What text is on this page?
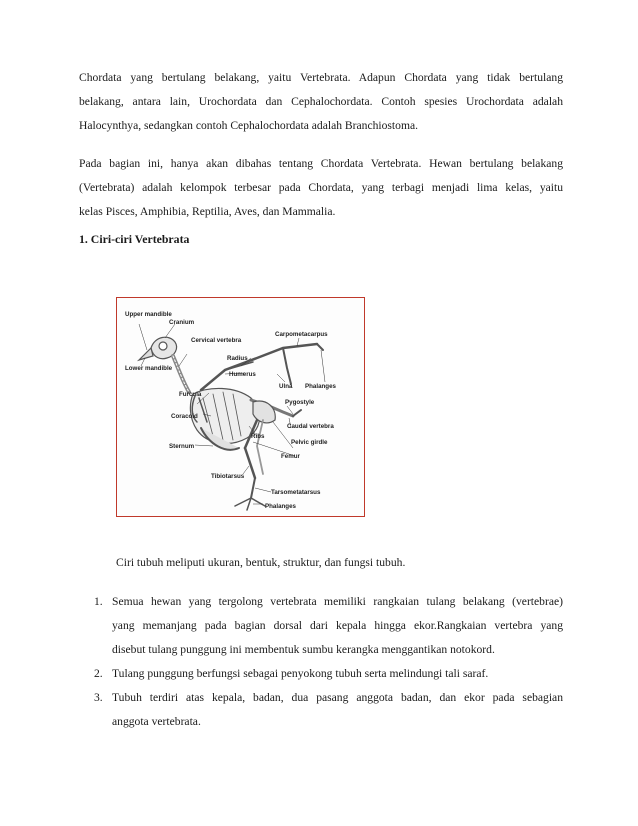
Chordata yang bertulang belakang, yaitu Vertebrata. Adapun Chordata yang tidak bertulang
belakang, antara lain, Urochordata dan Cephalochordata. Contoh spesies Urochordata adalah
Halocynthya, sedangkan contoh Cephalochordata adalah Branchiostoma.

Pada bagian ini, hanya akan dibahas tentang Chordata Vertebrata. Hewan bertulang belakang
(Vertebrata) adalah kelompok terbesar pada Chordata, yang terbagi menjadi lima kelas, yaitu
kelas Pisces, Amphibia, Reptilia, Aves, dan Mammalia.

1. Ciri-ciri Vertebrata
Upper mandible
Cranium
Cervical vertebra
Lower mandible
Radius
Humerus
Carpometacarpus
Ulna Phalanges
Furcula
Coracoid
Pygostyle
Caudal vertebra
Ribs
Pelvic girdle
Sternum
Femur
Tibiotarsus
Tarsometatarsus
Phalanges

Ciri tubuh meliputi ukuran, bentuk, struktur, dan fungsi tubuh.

1. Semua hewan yang tergolong vertebrata memiliki rangkaian tulang belakang (vertebrae)
yang memanjang pada bagian dorsal dari kepala hingga ekor.Rangkaian vertebra yang
disebut tulang punggung ini membentuk sumbu kerangka menggantikan notokord.
2. Tulang punggung berfungsi sebagai penyokong tubuh serta melindungi tali saraf.
3. Tubuh terdiri atas kepala, badan, dua pasang anggota badan, dan ekor pada sebagian
anggota vertebrata.
